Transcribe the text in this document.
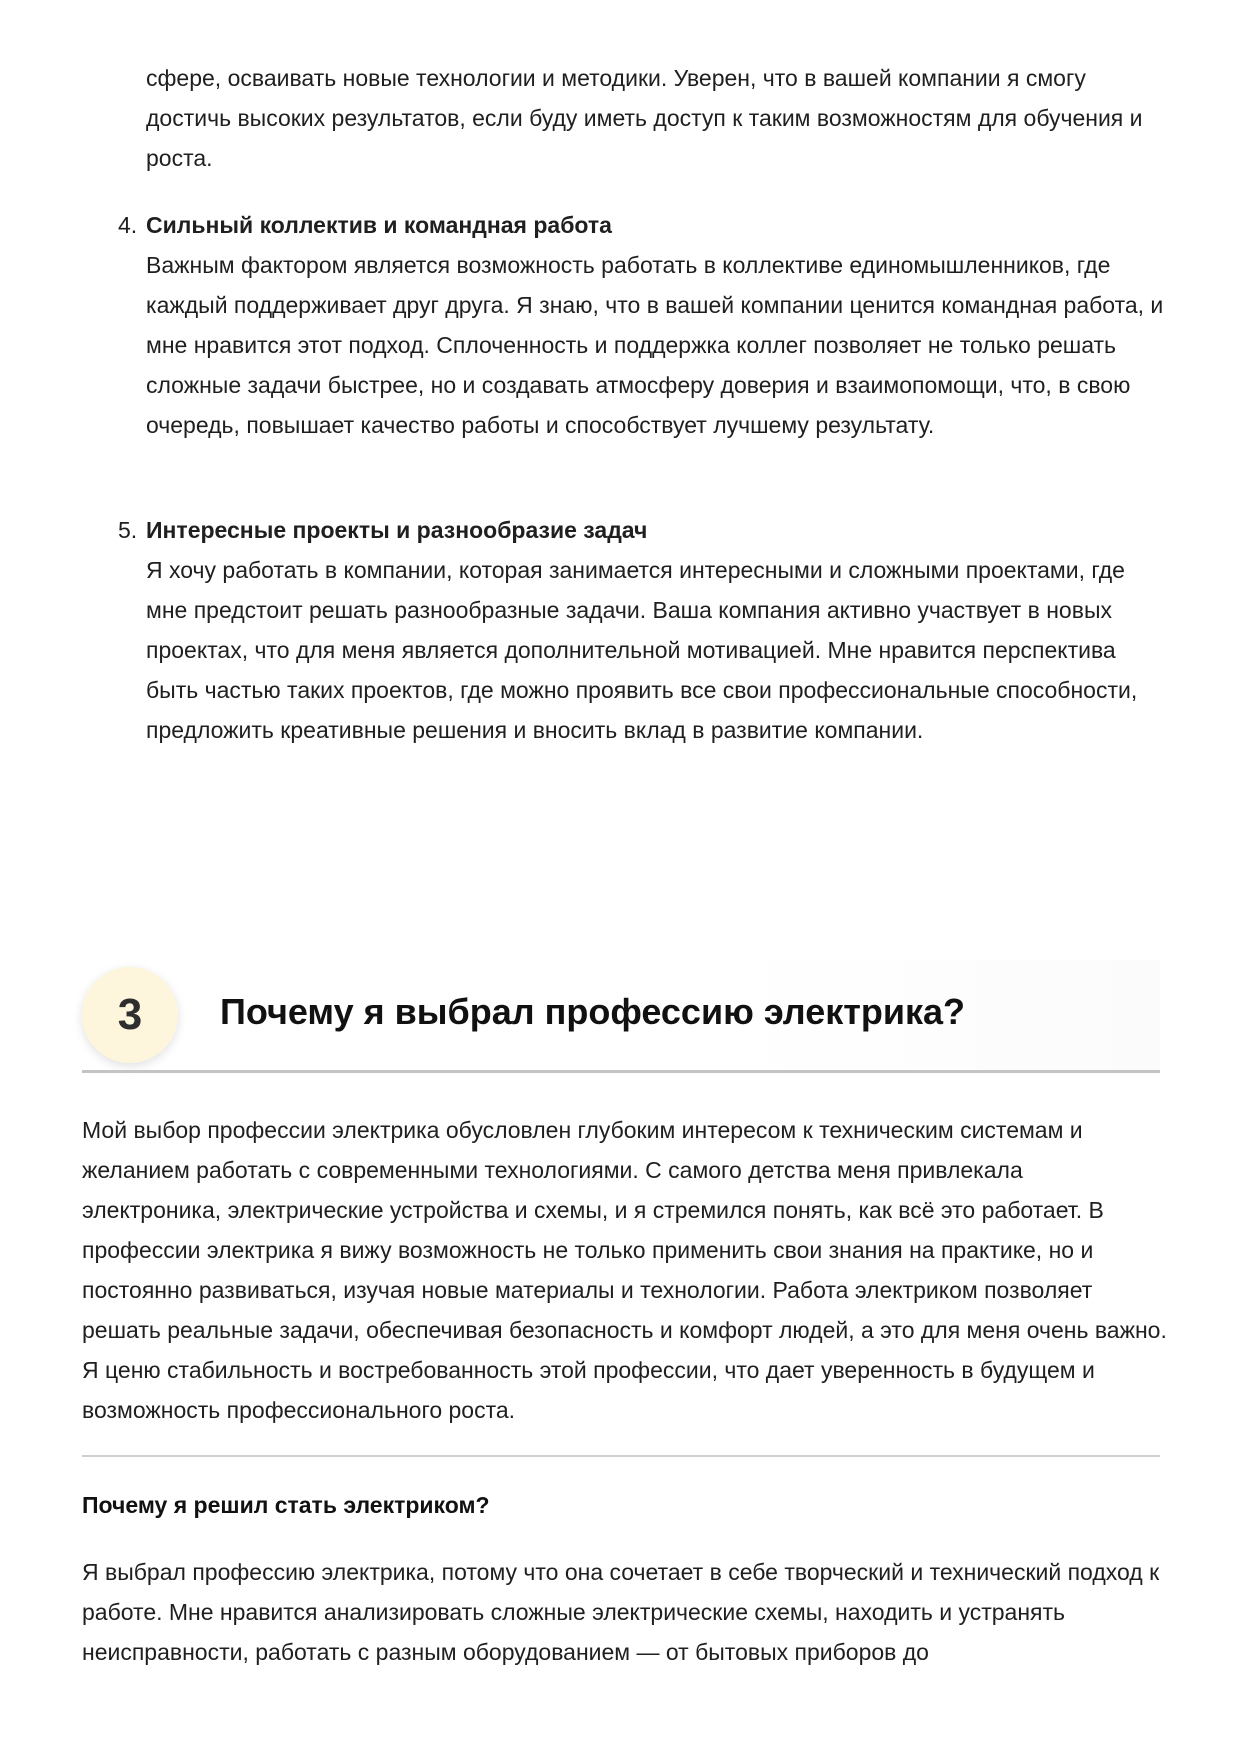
сфере, осваивать новые технологии и методики. Уверен, что в вашей компании я смогу достичь высоких результатов, если буду иметь доступ к таким возможностям для обучения и роста.

4. Сильный коллектив и командная работа

Важным фактором является возможность работать в коллективе единомышленников, где каждый поддерживает друг друга. Я знаю, что в вашей компании ценится командная работа, и мне нравится этот подход. Сплоченность и поддержка коллег позволяет не только решать сложные задачи быстрее, но и создавать атмосферу доверия и взаимопомощи, что, в свою очередь, повышает качество работы и способствует лучшему результату.

5. Интересные проекты и разнообразие задач

Я хочу работать в компании, которая занимается интересными и сложными проектами, где мне предстоит решать разнообразные задачи. Ваша компания активно участвует в новых проектах, что для меня является дополнительной мотивацией. Мне нравится перспектива быть частью таких проектов, где можно проявить все свои профессиональные способности, предложить креативные решения и вносить вклад в развитие компании.

3	Почему я выбрал профессию электрика?

Мой выбор профессии электрика обусловлен глубоким интересом к техническим системам и желанием работать с современными технологиями. С самого детства меня привлекала электроника, электрические устройства и схемы, и я стремился понять, как всё это работает. В профессии электрика я вижу возможность не только применить свои знания на практике, но и постоянно развиваться, изучая новые материалы и технологии. Работа электриком позволяет решать реальные задачи, обеспечивая безопасность и комфорт людей, а это для меня очень важно. Я ценю стабильность и востребованность этой профессии, что дает уверенность в будущем и возможность профессионального роста.

Почему я решил стать электриком?

Я выбрал профессию электрика, потому что она сочетает в себе творческий и технический подход к работе. Мне нравится анализировать сложные электрические схемы, находить и устранять неисправности, работать с разным оборудованием — от бытовых приборов до
